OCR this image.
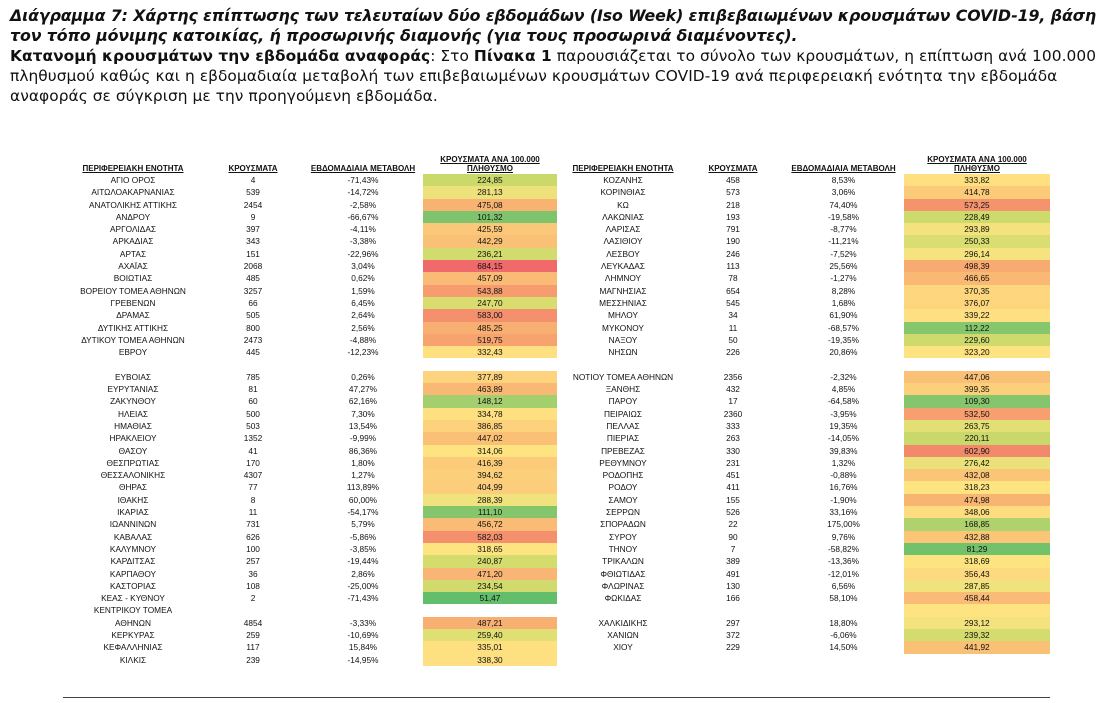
Διάγραμμα 7: Χάρτης επίπτωσης των τελευταίων δύο εβδομάδων (Iso Week) επιβεβαιωμένων κρουσμάτων COVID-19, βάση τον τόπο μόνιμης κατοικίας, ή προσωρινής διαμονής (για τους προσωρινά διαμένοντες).

Κατανομή κρουσμάτων την εβδομάδα αναφοράς: Στο Πίνακα 1 παρουσιάζεται το σύνολο των κρουσμάτων, η επίπτωση ανά 100.000 πληθυσμού καθώς και η εβδομαδιαία μεταβολή των επιβεβαιωμένων κρουσμάτων COVID-19 ανά περιφερειακή ενότητα την εβδομάδα αναφοράς σε σύγκριση με την προηγούμενη εβδομάδα.

ΠΕΡΙΦΕΡΕΙΑΚΗ ΕΝΟΤΗΤΑ	ΚΡΟΥΣΜΑΤΑ	ΕΒΔΟΜΑΔΙΑΙΑ ΜΕΤΑΒΟΛΗ	ΚΡΟΥΣΜΑΤΑ ΑΝΑ 100.000 ΠΛΗΘΥΣΜΟ
ΑΓΙΟ ΟΡΟΣ	4	-71,43%	224,85
ΑΙΤΩΛΟΑΚΑΡΝΑΝΙΑΣ	539	-14,72%	281,13
ΑΝΑΤΟΛΙΚΗΣ ΑΤΤΙΚΗΣ	2454	-2,58%	475,08
ΑΝΔΡΟΥ	9	-66,67%	101,32
ΑΡΓΟΛΙΔΑΣ	397	-4,11%	425,59
ΑΡΚΑΔΙΑΣ	343	-3,38%	442,29
ΑΡΤΑΣ	151	-22,96%	236,21
ΑΧΑΪΑΣ	2068	3,04%	684,15
ΒΟΙΩΤΙΑΣ	485	0,62%	457,09
ΒΟΡΕΙΟΥ ΤΟΜΕΑ ΑΘΗΝΩΝ	3257	1,59%	543,88
ΓΡΕΒΕΝΩΝ	66	6,45%	247,70
ΔΡΑΜΑΣ	505	2,64%	583,00
ΔΥΤΙΚΗΣ ΑΤΤΙΚΗΣ	800	2,56%	485,25
ΔΥΤΙΚΟΥ ΤΟΜΕΑ ΑΘΗΝΩΝ	2473	-4,88%	519,75
ΕΒΡΟΥ	445	-12,23%	332,43

ΕΥΒΟΙΑΣ	785	0,26%	377,89
ΕΥΡΥΤΑΝΙΑΣ	81	47,27%	463,89
ΖΑΚΥΝΘΟΥ	60	62,16%	148,12
ΗΛΕΙΑΣ	500	7,30%	334,78
ΗΜΑΘΙΑΣ	503	13,54%	386,85
ΗΡΑΚΛΕΙΟΥ	1352	-9,99%	447,02
ΘΑΣΟΥ	41	86,36%	314,06
ΘΕΣΠΡΩΤΙΑΣ	170	1,80%	416,39
ΘΕΣΣΑΛΟΝΙΚΗΣ	4307	1,27%	394,62
ΘΗΡΑΣ	77	113,89%	404,99
ΙΘΑΚΗΣ	8	60,00%	288,39
ΙΚΑΡΙΑΣ	11	-54,17%	111,10
ΙΩΑΝΝΙΝΩΝ	731	5,79%	456,72
ΚΑΒΑΛΑΣ	626	-5,86%	582,03
ΚΑΛΥΜΝΟΥ	100	-3,85%	318,65
ΚΑΡΔΙΤΣΑΣ	257	-19,44%	240,87
ΚΑΡΠΑΘΟΥ	36	2,86%	471,20
ΚΑΣΤΟΡΙΑΣ	108	-25,00%	234,54
ΚΕΑΣ - ΚΥΘΝΟΥ	2	-71,43%	51,47
ΚΕΝΤΡΙΚΟΥ ΤΟΜΕΑ			
ΑΘΗΝΩΝ	4854	-3,33%	487,21
ΚΕΡΚΥΡΑΣ	259	-10,69%	259,40
ΚΕΦΑΛΛΗΝΙΑΣ	117	15,84%	335,01
ΚΙΛΚΙΣ	239	-14,95%	338,30
ΠΕΡΙΦΕΡΕΙΑΚΗ ΕΝΟΤΗΤΑ	ΚΡΟΥΣΜΑΤΑ	ΕΒΔΟΜΑΔΙΑΙΑ ΜΕΤΑΒΟΛΗ	ΚΡΟΥΣΜΑΤΑ ΑΝΑ 100.000 ΠΛΗΘΥΣΜΟ
ΚΟΖΑΝΗΣ	458	8,53%	333,82
ΚΟΡΙΝΘΙΑΣ	573	3,06%	414,78
ΚΩ	218	74,40%	573,25
ΛΑΚΩΝΙΑΣ	193	-19,58%	228,49
ΛΑΡΙΣΑΣ	791	-8,77%	293,89
ΛΑΣΙΘΙΟΥ	190	-11,21%	250,33
ΛΕΣΒΟΥ	246	-7,52%	296,14
ΛΕΥΚΑΔΑΣ	113	25,56%	498,39
ΛΗΜΝΟΥ	78	-1,27%	466,65
ΜΑΓΝΗΣΙΑΣ	654	8,28%	370,35
ΜΕΣΣΗΝΙΑΣ	545	1,68%	376,07
ΜΗΛΟΥ	34	61,90%	339,22
ΜΥΚΟΝΟΥ	11	-68,57%	112,22
ΝΑΞΟΥ	50	-19,35%	229,60
ΝΗΣΩΝ	226	20,86%	323,20

ΝΟΤΙΟΥ ΤΟΜΕΑ ΑΘΗΝΩΝ	2356	-2,32%	447,06
ΞΑΝΘΗΣ	432	4,85%	399,35
ΠΑΡΟΥ	17	-64,58%	109,30
ΠΕΙΡΑΙΩΣ	2360	-3,95%	532,50
ΠΕΛΛΑΣ	333	19,35%	263,75
ΠΙΕΡΙΑΣ	263	-14,05%	220,11
ΠΡΕΒΕΖΑΣ	330	39,83%	602,90
ΡΕΘΥΜΝΟΥ	231	1,32%	276,42
ΡΟΔΟΠΗΣ	451	-0,88%	432,08
ΡΟΔΟΥ	411	16,76%	318,23
ΣΑΜΟΥ	155	-1,90%	474,98
ΣΕΡΡΩΝ	526	33,16%	348,06
ΣΠΟΡΑΔΩΝ	22	175,00%	168,85
ΣΥΡΟΥ	90	9,76%	432,88
ΤΗΝΟΥ	7	-58,82%	81,29
ΤΡΙΚΑΛΩΝ	389	-13,36%	318,69
ΦΘΙΩΤΙΔΑΣ	491	-12,01%	356,43
ΦΛΩΡΙΝΑΣ	130	6,56%	287,85
ΦΩΚΙΔΑΣ	166	58,10%	458,44

ΧΑΛΚΙΔΙΚΗΣ	297	18,80%	293,12
ΧΑΝΙΩΝ	372	-6,06%	239,32
ΧΙΟΥ	229	14,50%	441,92
